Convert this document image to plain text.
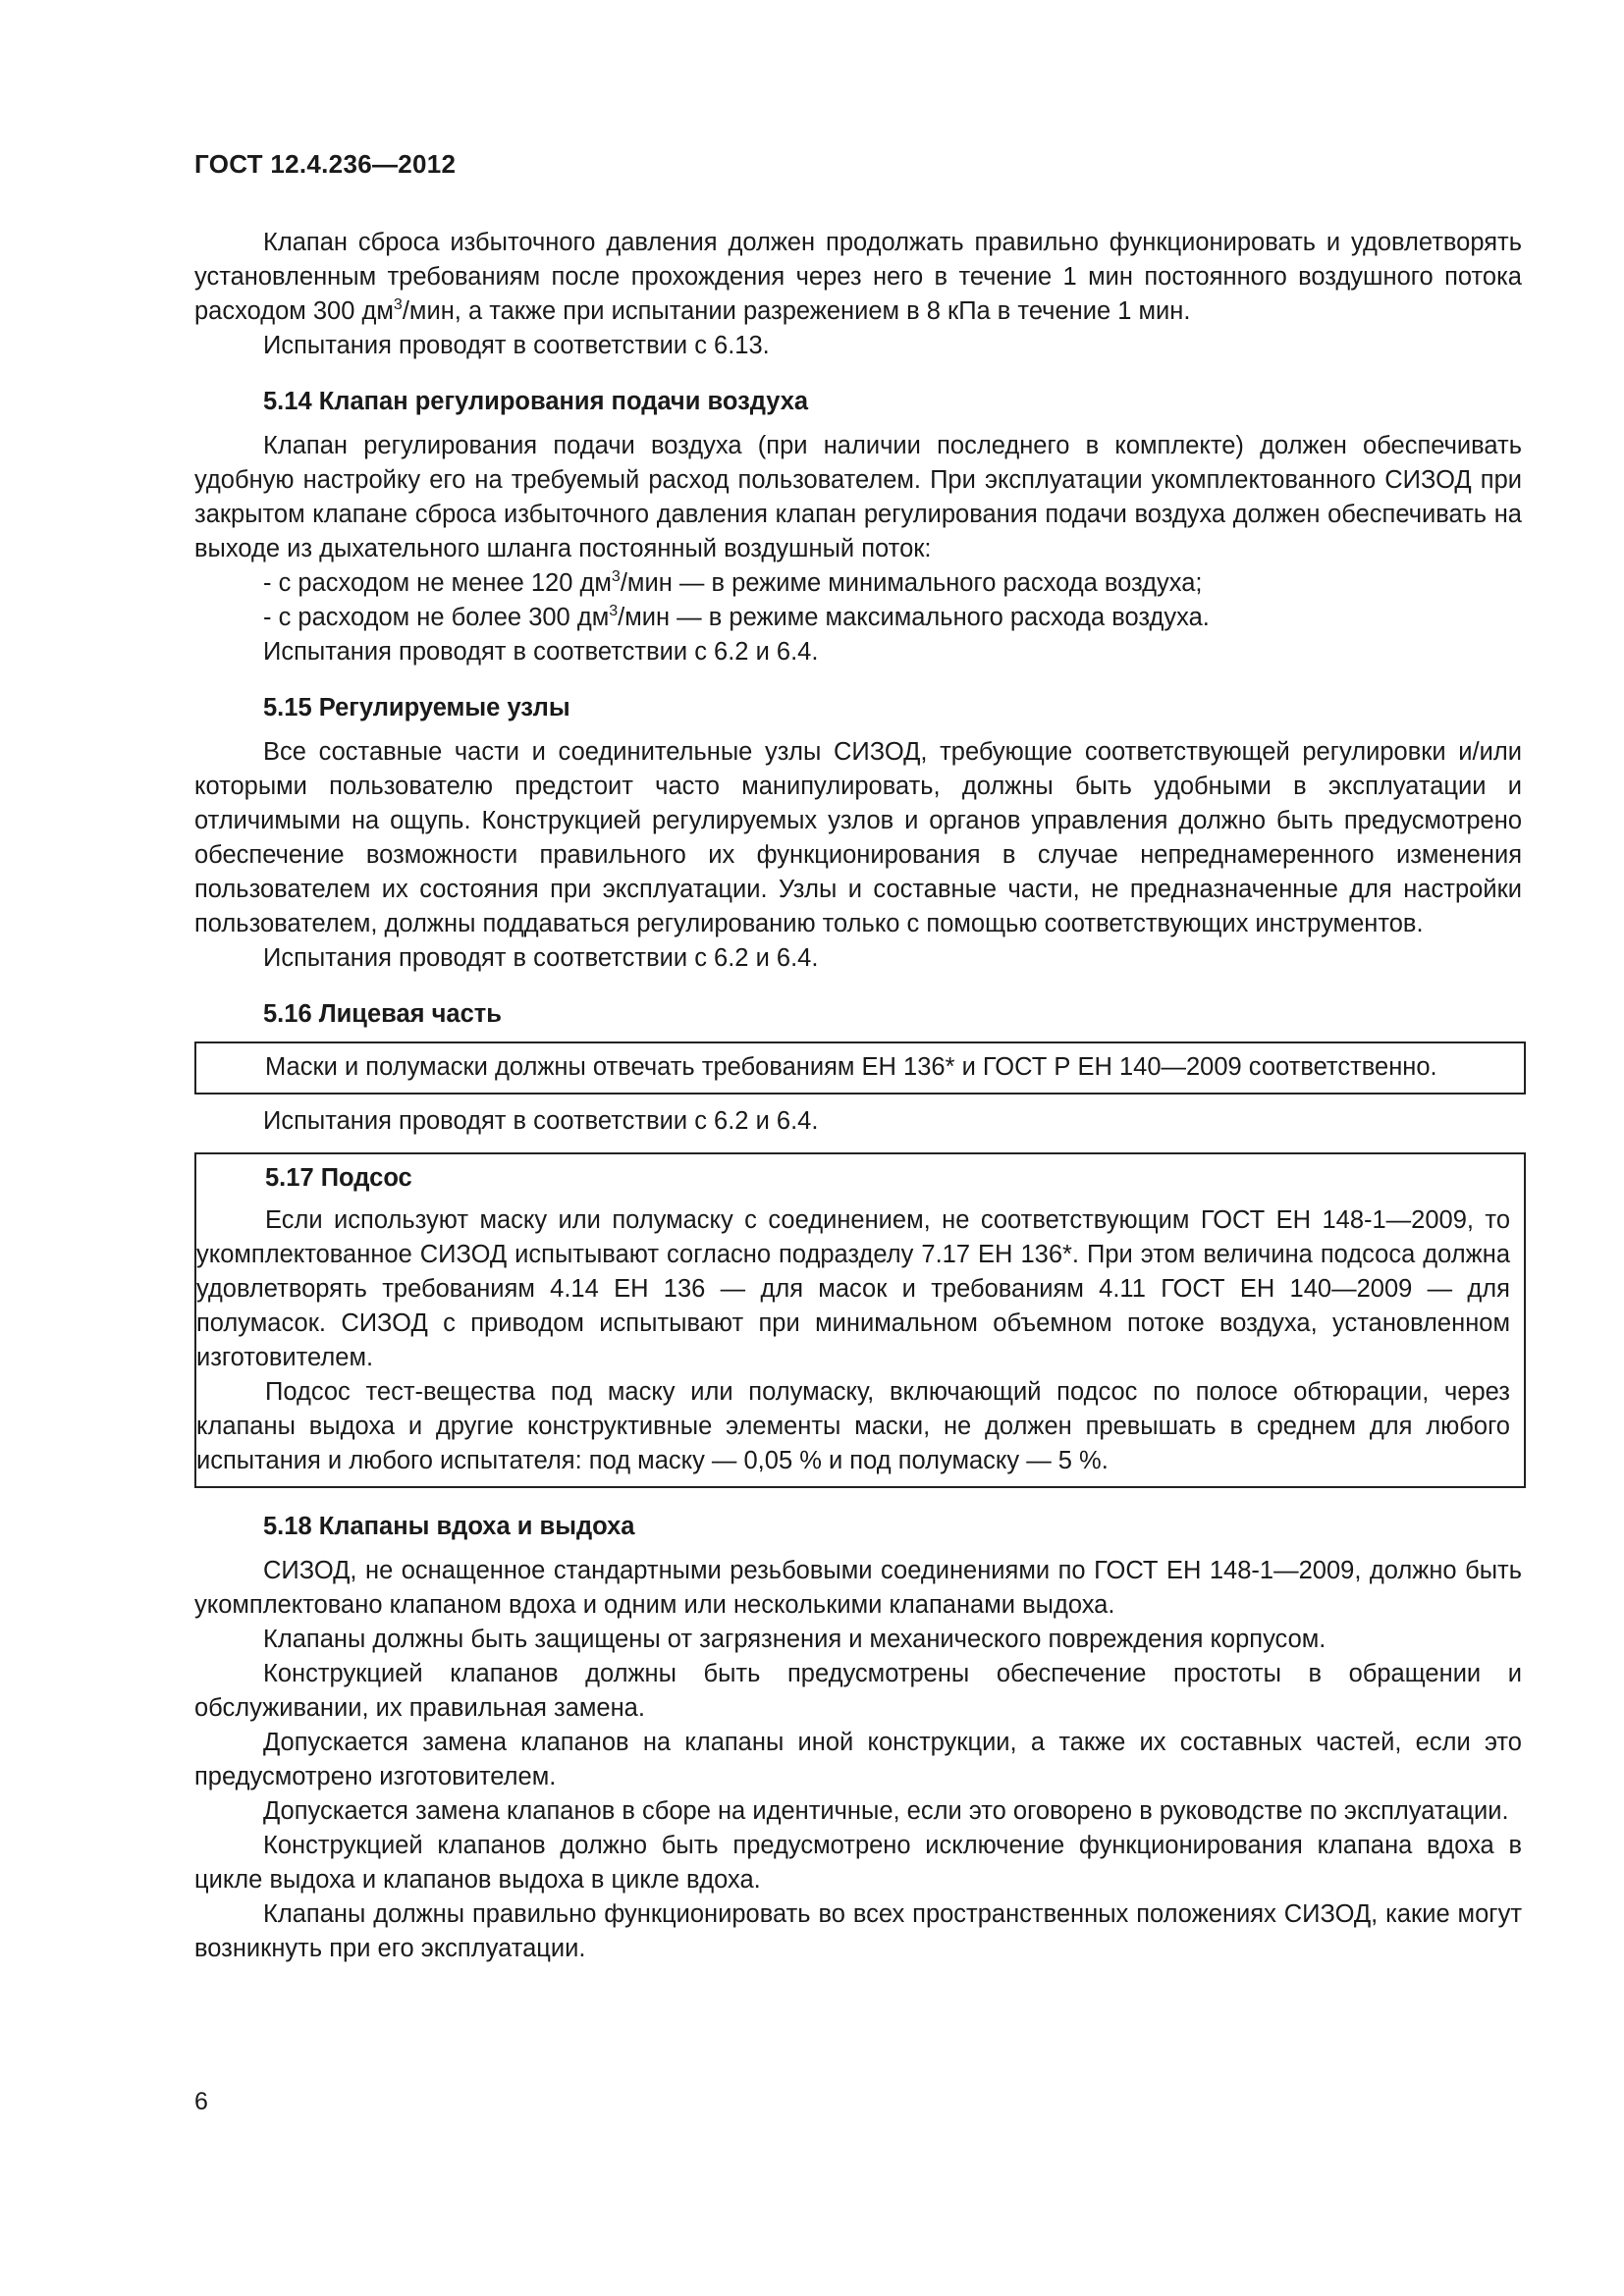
ГОСТ 12.4.236—2012

Клапан сброса избыточного давления должен продолжать правильно функционировать и удовлетворять установленным требованиям после прохождения через него в течение 1 мин постоянного воздушного потока расходом 300 $дм^3$/мин, а также при испытании разрежением в 8 кПа в течение 1 мин.

Испытания проводят в соответствии с 6.13.

5.14 Клапан регулирования подачи воздуха

Клапан регулирования подачи воздуха (при наличии последнего в комплекте) должен обеспечивать удобную настройку его на требуемый расход пользователем. При эксплуатации укомплектованного СИЗОД при закрытом клапане сброса избыточного давления клапан регулирования подачи воздуха должен обеспечивать на выходе из дыхательного шланга постоянный воздушный поток:

- с расходом не менее 120 $дм^3$/мин — в режиме минимального расхода воздуха;

- с расходом не более 300 $дм^3$/мин — в режиме максимального расхода воздуха.

Испытания проводят в соответствии с 6.2 и 6.4.

5.15 Регулируемые узлы

Все составные части и соединительные узлы СИЗОД, требующие соответствующей регулировки и/или которыми пользователю предстоит часто манипулировать, должны быть удобными в эксплуатации и отличимыми на ощупь. Конструкцией регулируемых узлов и органов управления должно быть предусмотрено обеспечение возможности правильного их функционирования в случае непреднамеренного изменения пользователем их состояния при эксплуатации. Узлы и составные части, не предназначенные для настройки пользователем, должны поддаваться регулированию только с помощью соответствующих инструментов.

Испытания проводят в соответствии с 6.2 и 6.4.

5.16 Лицевая часть

Маски и полумаски должны отвечать требованиям ЕН 136* и ГОСТ Р ЕН 140—2009 соответственно.

Испытания проводят в соответствии с 6.2 и 6.4.

5.17 Подсос

Если используют маску или полумаску с соединением, не соответствующим ГОСТ ЕН 148-1—2009, то укомплектованное СИЗОД испытывают согласно подразделу 7.17 ЕН 136*. При этом величина подсоса должна удовлетворять требованиям 4.14 ЕН 136 — для масок и требованиям 4.11 ГОСТ ЕН 140—2009 — для полумасок. СИЗОД с приводом испытывают при минимальном объемном потоке воздуха, установленном изготовителем.

Подсос тест-вещества под маску или полумаску, включающий подсос по полосе обтюрации, через клапаны выдоха и другие конструктивные элементы маски, не должен превышать в среднем для любого испытания и любого испытателя: под маску — 0,05 % и под полумаску — 5 %.

5.18 Клапаны вдоха и выдоха

СИЗОД, не оснащенное стандартными резьбовыми соединениями по ГОСТ ЕН 148-1—2009, должно быть укомплектовано клапаном вдоха и одним или несколькими клапанами выдоха.

Клапаны должны быть защищены от загрязнения и механического повреждения корпусом.

Конструкцией клапанов должны быть предусмотрены обеспечение простоты в обращении и обслуживании, их правильная замена.

Допускается замена клапанов на клапаны иной конструкции, а также их составных частей, если это предусмотрено изготовителем.

Допускается замена клапанов в сборе на идентичные, если это оговорено в руководстве по эксплуатации.

Конструкцией клапанов должно быть предусмотрено исключение функционирования клапана вдоха в цикле выдоха и клапанов выдоха в цикле вдоха.

Клапаны должны правильно функционировать во всех пространственных положениях СИЗОД, какие могут возникнуть при его эксплуатации.

6
